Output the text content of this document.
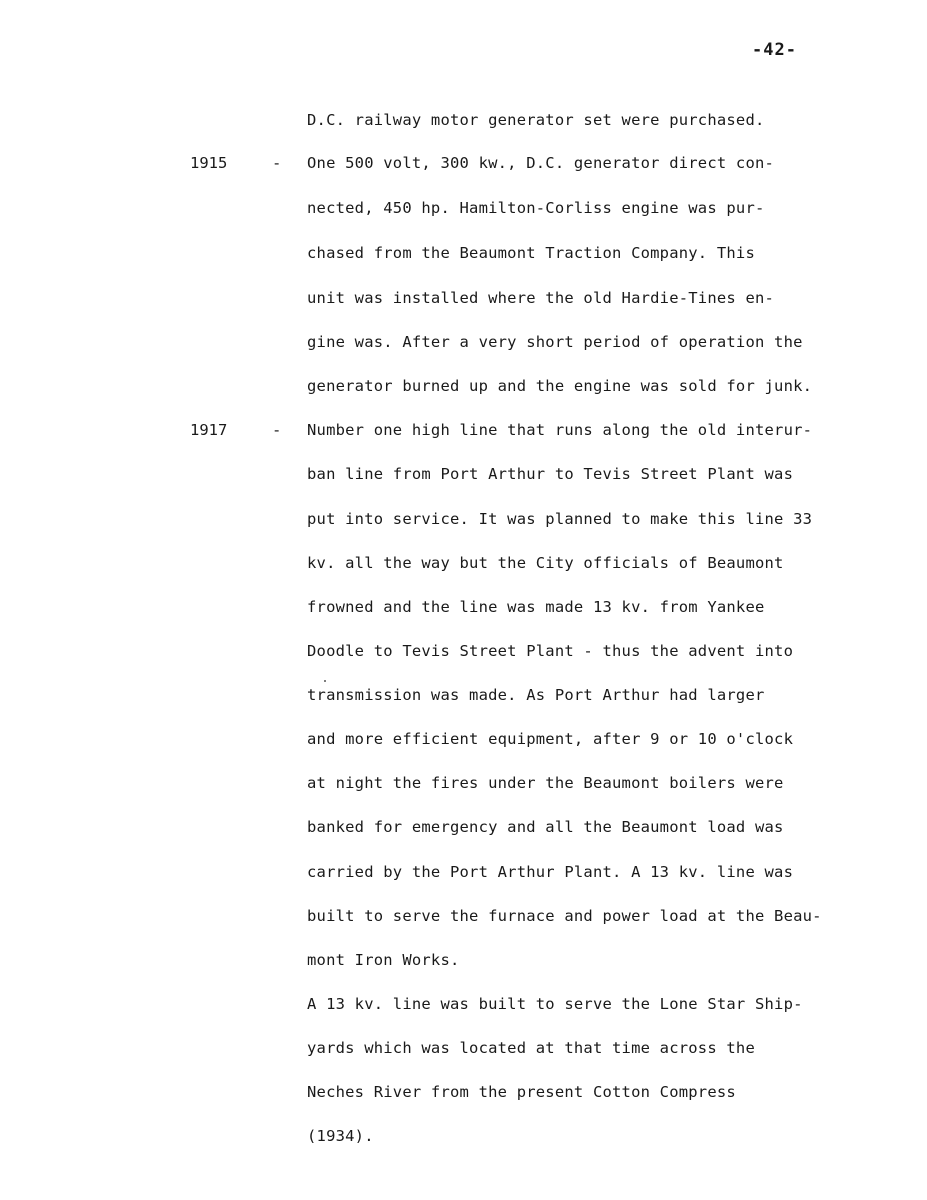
-42-
1915	-
1917	-
D.C. railway motor generator set were purchased.
One 500 volt, 300 kw., D.C. generator direct con-
nected, 450 hp. Hamilton-Corliss engine was pur-
chased from the Beaumont Traction Company. This
unit was installed where the old Hardie-Tines en-
gine was. After a very short period of operation the
generator burned up and the engine was sold for junk.
Number one high line that runs along the old interur-
ban line from Port Arthur to Tevis Street Plant was
put into service. It was planned to make this line 33
kv. all the way but the City officials of Beaumont
frowned and the line was made 13 kv. from Yankee
Doodle to Tevis Street Plant - thus the advent into
transmission was made. As Port Arthur had larger
and more efficient equipment, after 9 or 10 o'clock
at night the fires under the Beaumont boilers were
banked for emergency and all the Beaumont load was
carried by the Port Arthur Plant. A 13 kv. line was
built to serve the furnace and power load at the Beau-
mont Iron Works.
A 13 kv. line was built to serve the Lone Star Ship-
yards which was located at that time across the
Neches River from the present Cotton Compress
(1934).
